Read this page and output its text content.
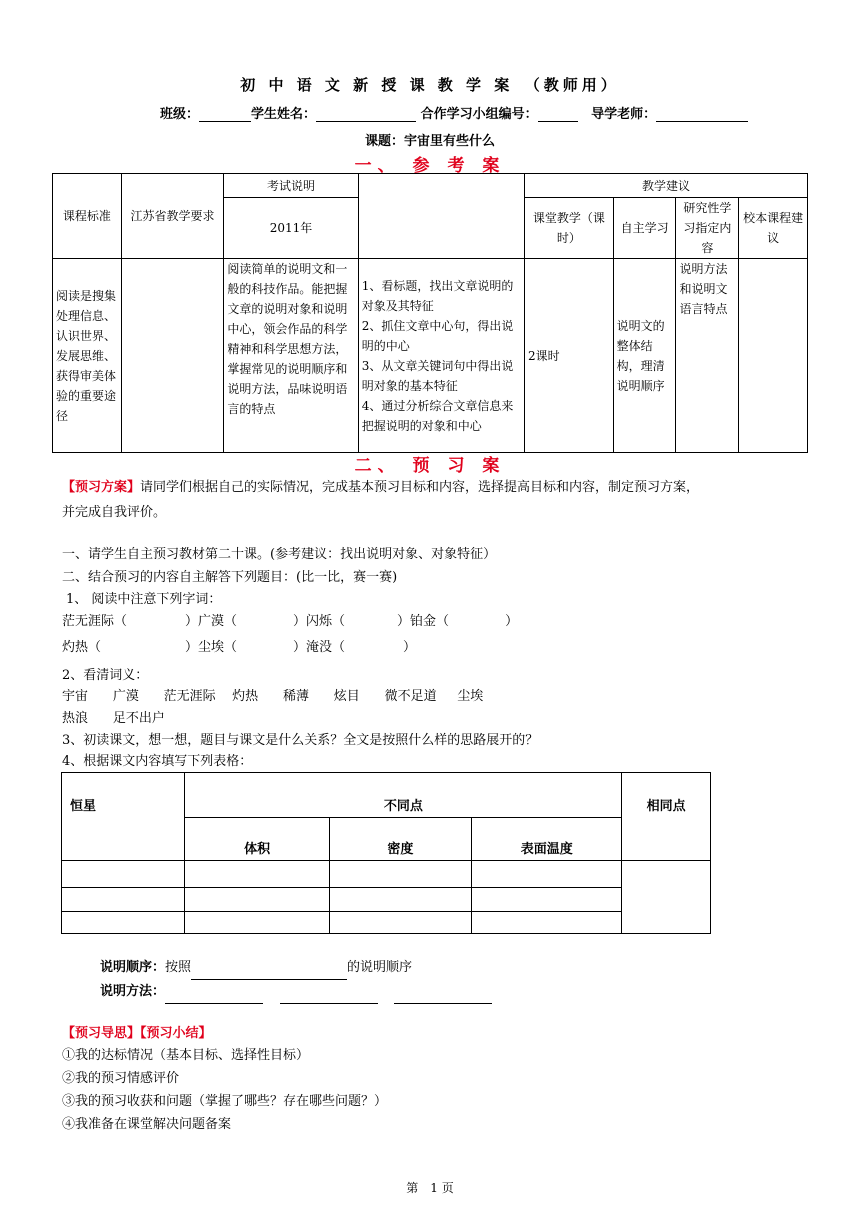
初 中 语 文 新 授 课 教 学 案　（教师用）
班级：	学生姓名：	合作学习小组编号：	导学老师：
课题：宇宙里有些什么
一、 参 考 案
课程标准	江苏省教学要求	考试说明		教学建议			
		2011年		课堂教学（课时）	自主学习	研究性学习指定内容	校本课程建议
阅读是搜集处理信息、认识世界、发展思维、获得审美体验的重要途径		阅读简单的说明文和一般的科技作品。能把握文章的说明对象和说明中心，领会作品的科学精神和科学思想方法，掌握常见的说明顺序和说明方法，品味说明语言的特点	1、看标题，找出文章说明的对象及其特征
2、抓住文章中心句，得出说明的中心
3、从文章关键词句中得出说明对象的基本特征
4、通过分析综合文章信息来把握说明的对象和中心	2课时	说明文的整体结构，理清说明顺序	说明方法和说明文语言特点	
二、 预 习 案
【预习方案】请同学们根据自己的实际情况，完成基本预习目标和内容，选择提高目标和内容，制定预习方案，
并完成自我评价。
一、请学生自主预习教材第二十课。(参考建议：找出说明对象、对象特征）
二、结合预习的内容自主解答下列题目：(比一比，赛一赛)
1、 阅读中注意下列字词：
茫无涯际（	）广漠（	）闪烁（	）铂金（	）
灼热（	）尘埃（	）淹没（	）
2、看清词义：
宇宙 广漠 茫无涯际 灼热 稀薄 炫目 微不足道 尘埃
热浪 足不出户
3、初读课文，想一想，题目与课文是什么关系？全文是按照什么样的思路展开的？
4、根据课文内容填写下列表格：
恒星	不同点			相同点
	体积	密度	表面温度	

说明顺序：按照	的说明顺序
说明方法：
【预习导思】【预习小结】
①我的达标情况（基本目标、选择性目标）
②我的预习情感评价
③我的预习收获和问题（掌握了哪些？存在哪些问题？）
④我准备在课堂解决问题备案
第　1 页
